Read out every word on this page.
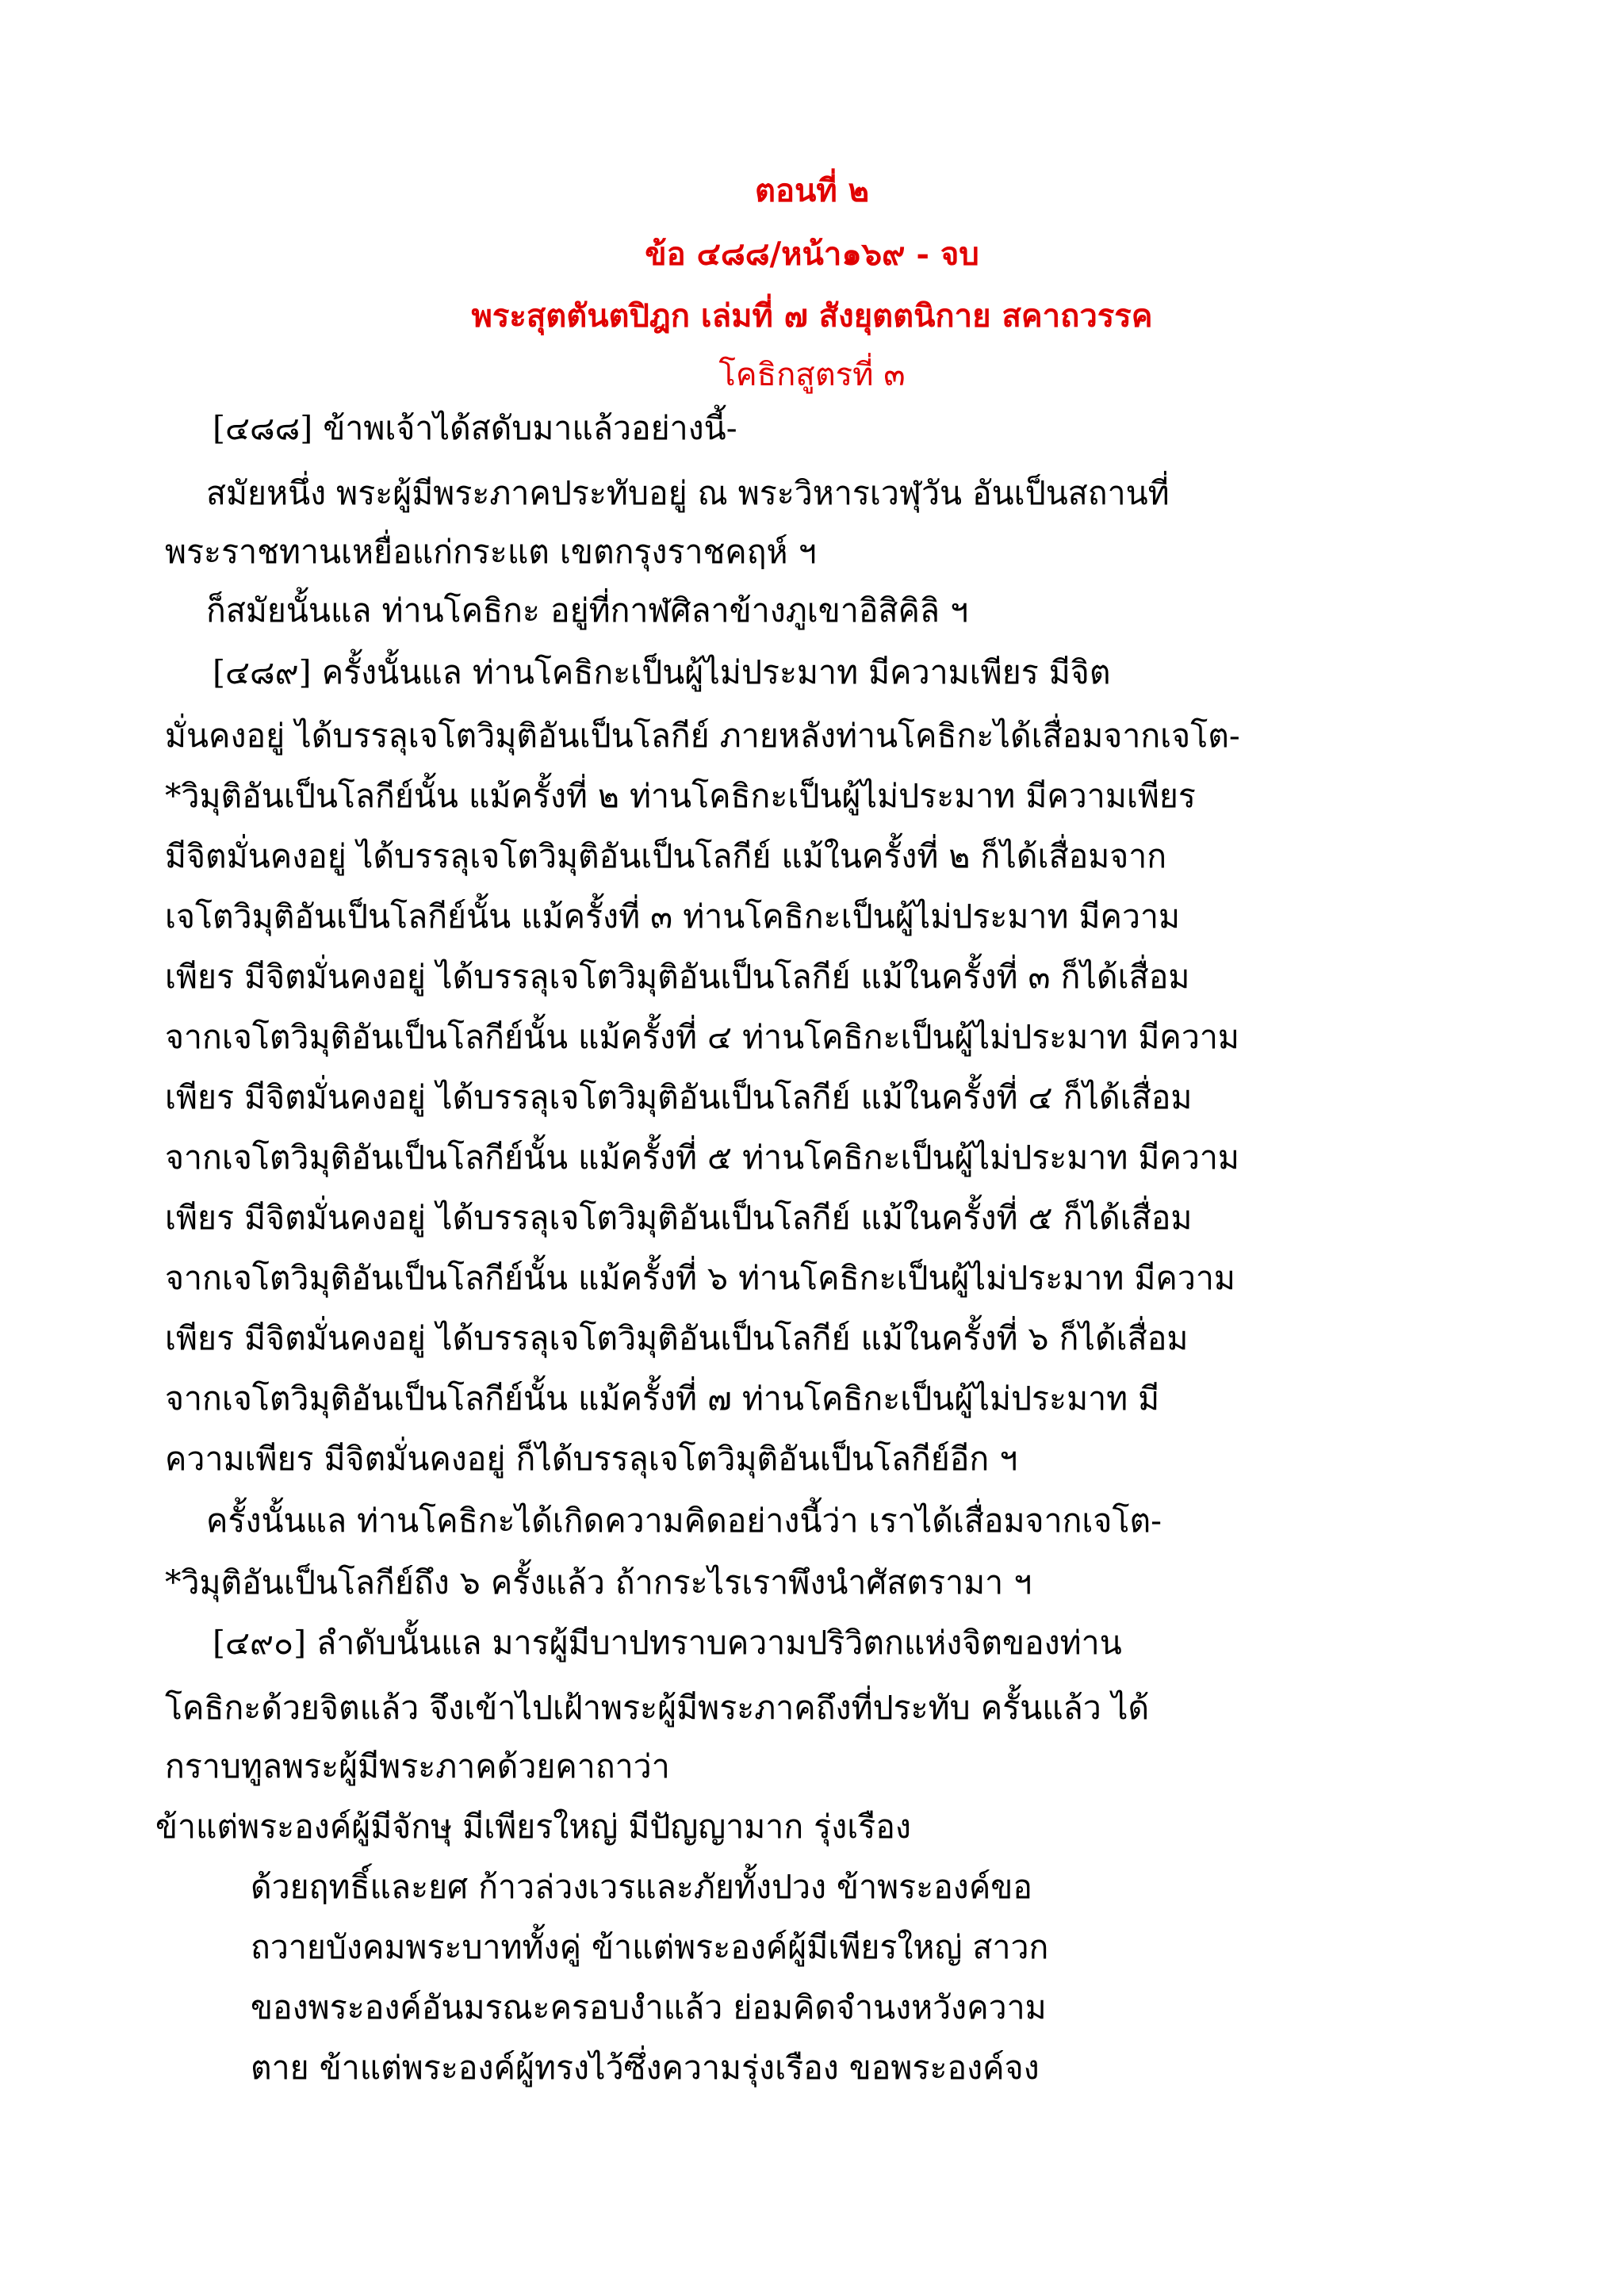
ตอนที่ ๒
ข้อ ๔๘๘/หน้า๑๖๙ - จบ
พระสุตตันตปิฎก เล่มที่ ๗ สังยุตตนิกาย สคาถวรรค
โคธิกสูตรที่ ๓
[๔๘๘] ข้าพเจ้าได้สดับมาแล้วอย่างนี้-
สมัยหนึ่ง พระผู้มีพระภาคประทับอยู่ ณ พระวิหารเวฬุวัน อันเป็นสถานที่
พระราชทานเหยื่อแก่กระแต เขตกรุงราชคฤห์ ฯ
ก็สมัยนั้นแล ท่านโคธิกะ อยู่ที่กาฬศิลาข้างภูเขาอิสิคิลิ ฯ
[๔๘๙] ครั้งนั้นแล ท่านโคธิกะเป็นผู้ไม่ประมาท มีความเพียร มีจิต
มั่นคงอยู่ ได้บรรลุเจโตวิมุติอันเป็นโลกีย์ ภายหลังท่านโคธิกะได้เสื่อมจากเจโต-
*วิมุติอันเป็นโลกีย์นั้น แม้ครั้งที่ ๒ ท่านโคธิกะเป็นผู้ไม่ประมาท มีความเพียร
มีจิตมั่นคงอยู่ ได้บรรลุเจโตวิมุติอันเป็นโลกีย์ แม้ในครั้งที่ ๒ ก็ได้เสื่อมจาก
เจโตวิมุติอันเป็นโลกีย์นั้น แม้ครั้งที่ ๓ ท่านโคธิกะเป็นผู้ไม่ประมาท มีความ
เพียร มีจิตมั่นคงอยู่ ได้บรรลุเจโตวิมุติอันเป็นโลกีย์ แม้ในครั้งที่ ๓ ก็ได้เสื่อม
จากเจโตวิมุติอันเป็นโลกีย์นั้น แม้ครั้งที่ ๔ ท่านโคธิกะเป็นผู้ไม่ประมาท มีความ
เพียร มีจิตมั่นคงอยู่ ได้บรรลุเจโตวิมุติอันเป็นโลกีย์ แม้ในครั้งที่ ๔ ก็ได้เสื่อม
จากเจโตวิมุติอันเป็นโลกีย์นั้น แม้ครั้งที่ ๕ ท่านโคธิกะเป็นผู้ไม่ประมาท มีความ
เพียร มีจิตมั่นคงอยู่ ได้บรรลุเจโตวิมุติอันเป็นโลกีย์ แม้ในครั้งที่ ๕ ก็ได้เสื่อม
จากเจโตวิมุติอันเป็นโลกีย์นั้น แม้ครั้งที่ ๖ ท่านโคธิกะเป็นผู้ไม่ประมาท มีความ
เพียร มีจิตมั่นคงอยู่ ได้บรรลุเจโตวิมุติอันเป็นโลกีย์ แม้ในครั้งที่ ๖ ก็ได้เสื่อม
จากเจโตวิมุติอันเป็นโลกีย์นั้น แม้ครั้งที่ ๗ ท่านโคธิกะเป็นผู้ไม่ประมาท มี
ความเพียร มีจิตมั่นคงอยู่ ก็ได้บรรลุเจโตวิมุติอันเป็นโลกีย์อีก ฯ
ครั้งนั้นแล ท่านโคธิกะได้เกิดความคิดอย่างนี้ว่า เราได้เสื่อมจากเจโต-
*วิมุติอันเป็นโลกีย์ถึง ๖ ครั้งแล้ว ถ้ากระไรเราพึงนำศัสตรามา ฯ
[๔๙๐] ลำดับนั้นแล มารผู้มีบาปทราบความปริวิตกแห่งจิตของท่าน
โคธิกะด้วยจิตแล้ว จึงเข้าไปเฝ้าพระผู้มีพระภาคถึงที่ประทับ ครั้นแล้ว ได้
กราบทูลพระผู้มีพระภาคด้วยคาถาว่า
ข้าแต่พระองค์ผู้มีจักษุ มีเพียรใหญ่ มีปัญญามาก รุ่งเรือง
ด้วยฤทธิ์และยศ ก้าวล่วงเวรและภัยทั้งปวง ข้าพระองค์ขอ
ถวายบังคมพระบาททั้งคู่ ข้าแต่พระองค์ผู้มีเพียรใหญ่ สาวก
ของพระองค์อันมรณะครอบงำแล้ว ย่อมคิดจำนงหวังความ
ตาย ข้าแต่พระองค์ผู้ทรงไว้ซึ่งความรุ่งเรือง ขอพระองค์จง
